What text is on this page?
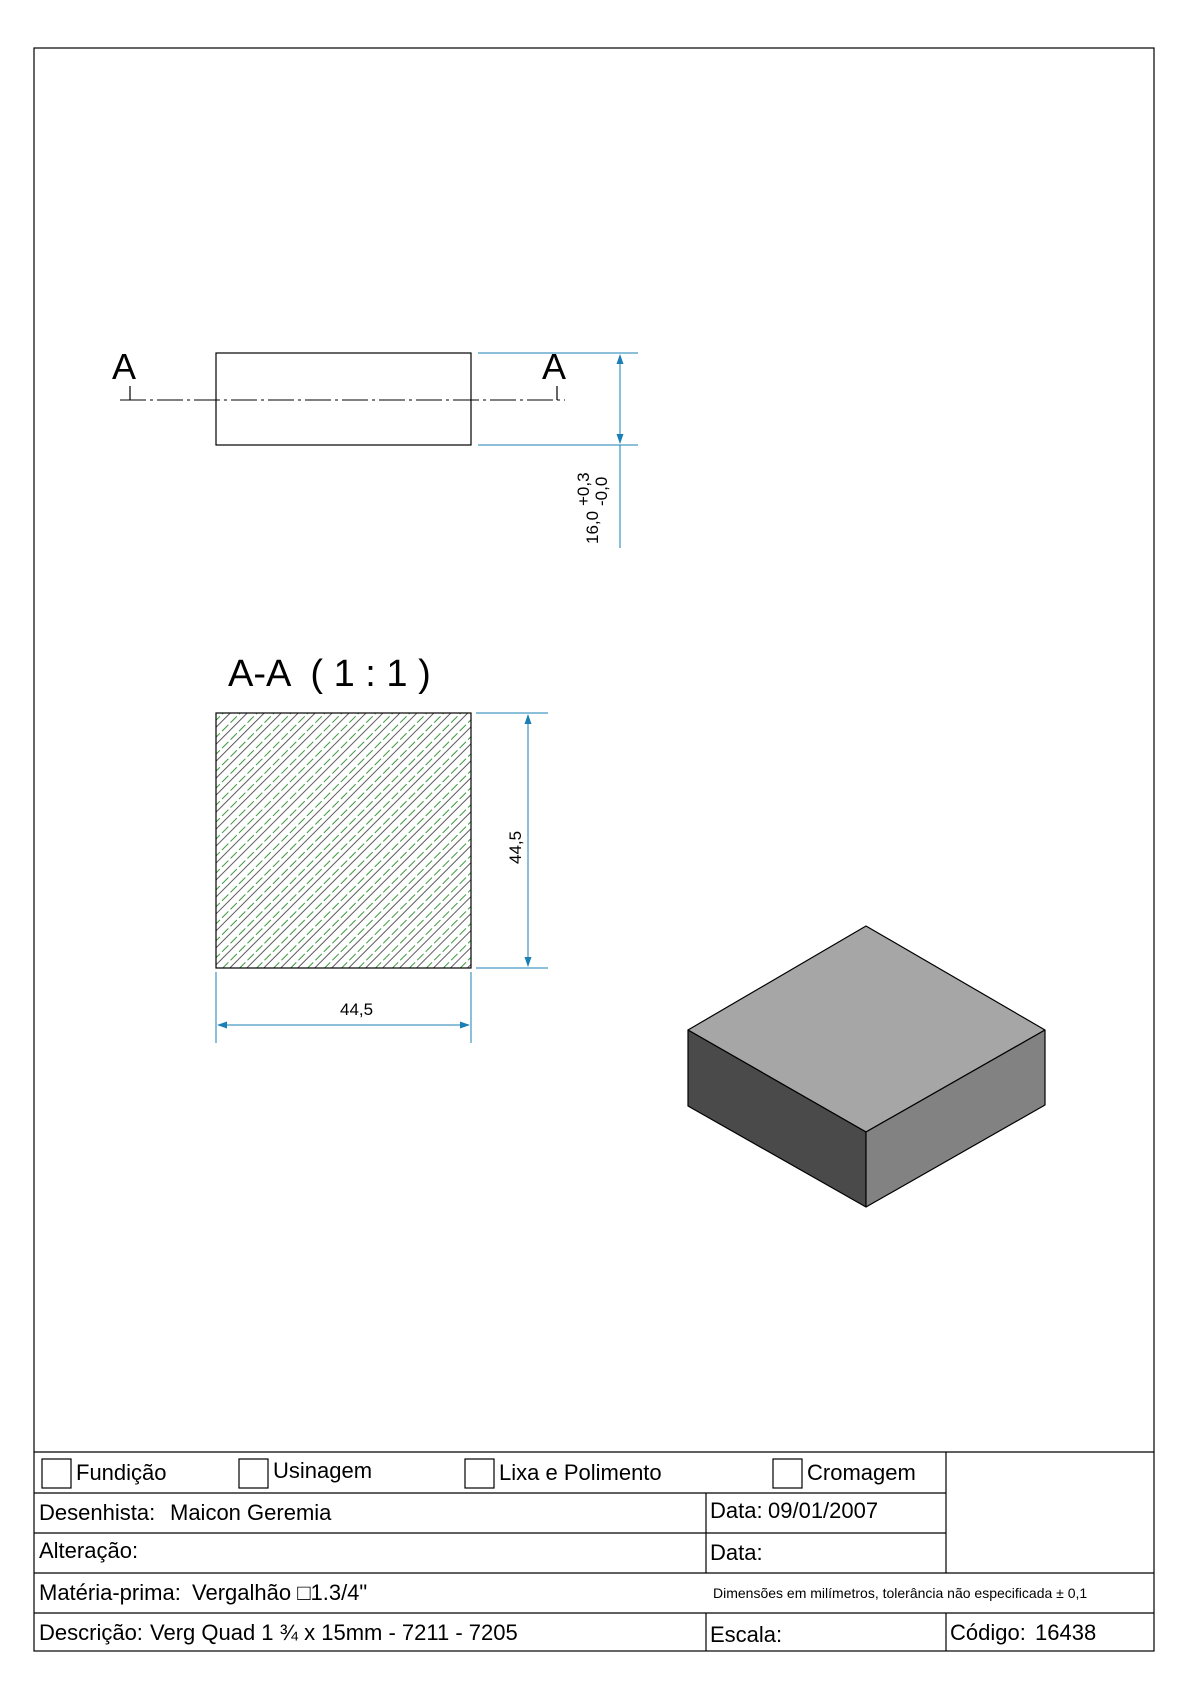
A	A
16,0
+0,3 -0,0
A-A  ( 1 : 1 )
44,5
44,5
Fundição	Usinagem	Lixa e Polimento	Cromagem
Desenhista: Maicon Geremia	Data: 09/01/2007
Alteração:	Data:
Matéria-prima: Vergalhão □1.3/4"	Dimensões em milímetros, tolerância não especificada ± 0,1
Descrição: Verg Quad 1 ¾ x 15mm - 7211 - 7205	Escala:	Código: 16438
